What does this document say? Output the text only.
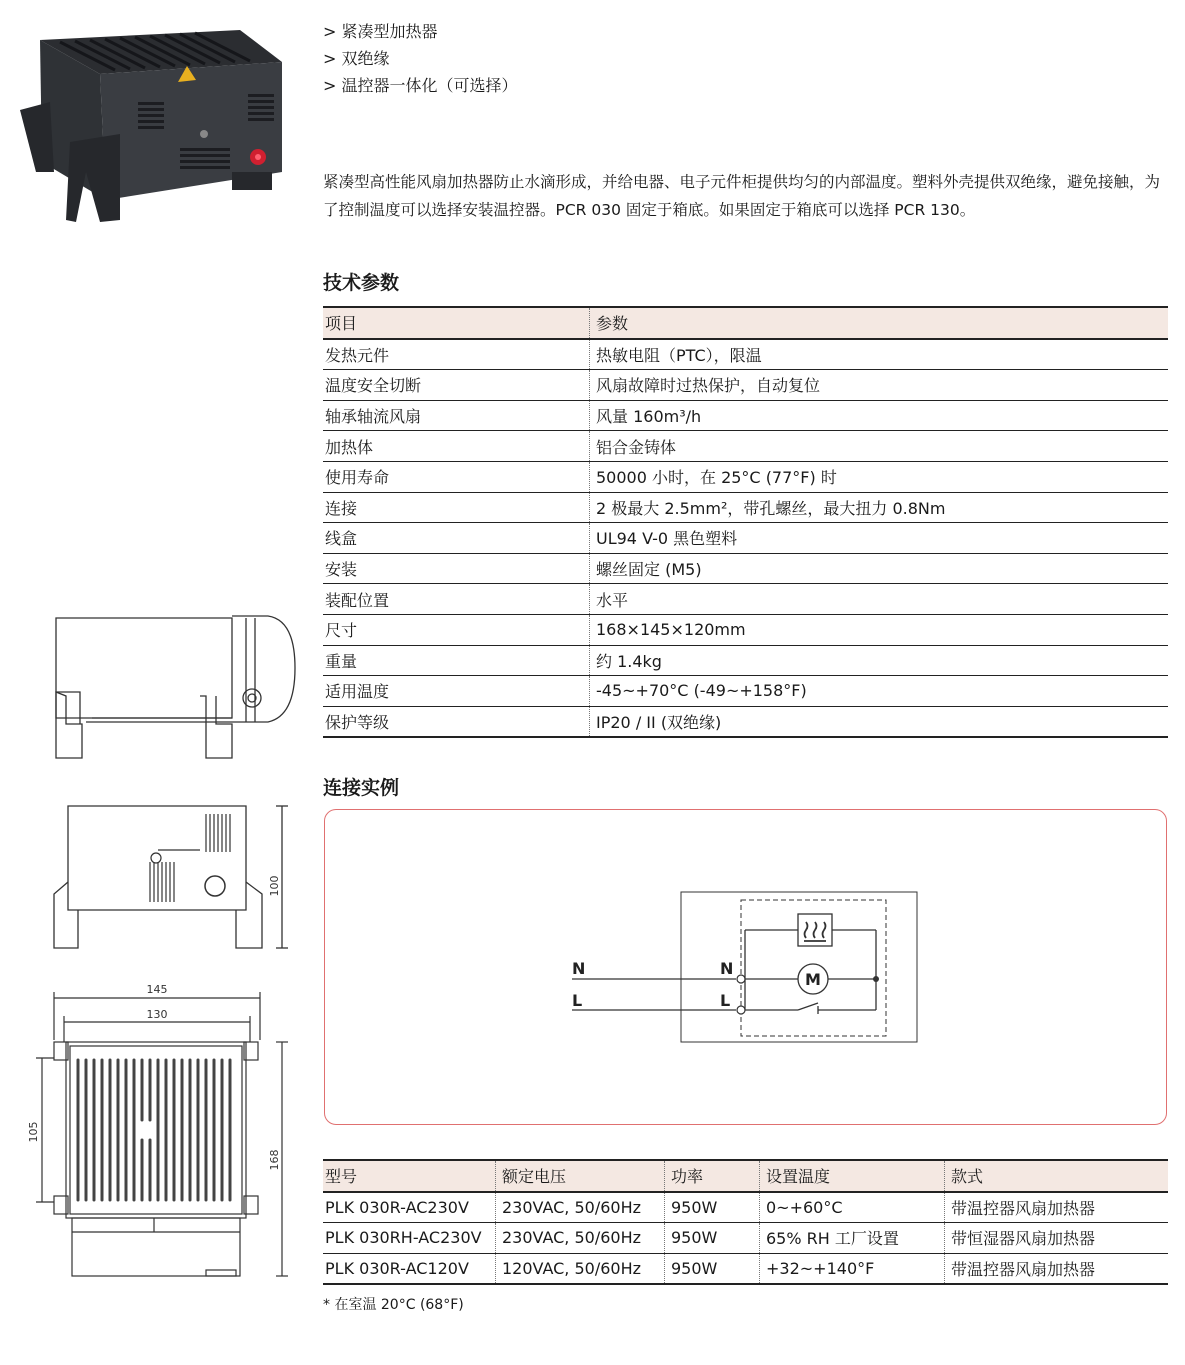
> 紧凑型加热器
> 双绝缘
> 温控器一体化（可选择）
紧凑型高性能风扇加热器防止水滴形成，并给电器、电子元件柜提供均匀的内部温度。塑料外壳提供双绝缘，避免接触，为了控制温度可以选择安装温控器。PCR 030 固定于箱底。如果固定于箱底可以选择 PCR 130。
技术参数
项目	参数
发热元件	热敏电阻（PTC），限温
温度安全切断	风扇故障时过热保护，自动复位
轴承轴流风扇	风量 160m³/h
加热体	铝合金铸体
使用寿命	50000 小时，在 25°C (77°F) 时
连接	2 极最大 2.5mm²，带孔螺丝，最大扭力 0.8Nm
线盒	UL94 V-0 黑色塑料
安装	螺丝固定 (M5)
装配位置	水平
尺寸	168×145×120mm
重量	约 1.4kg
适用温度	-45~+70°C (-49~+158°F)
保护等级	IP20 / II (双绝缘)
100
145
130
105
168
连接实例
N
L
N
L
M
型号	额定电压	功率	设置温度	款式
PLK 030R-AC230V	230VAC, 50/60Hz	950W	0~+60°C	带温控器风扇加热器
PLK 030RH-AC230V	230VAC, 50/60Hz	950W	65% RH 工厂设置	带恒湿器风扇加热器
PLK 030R-AC120V	120VAC, 50/60Hz	950W	+32~+140°F	带温控器风扇加热器
* 在室温 20°C (68°F)
